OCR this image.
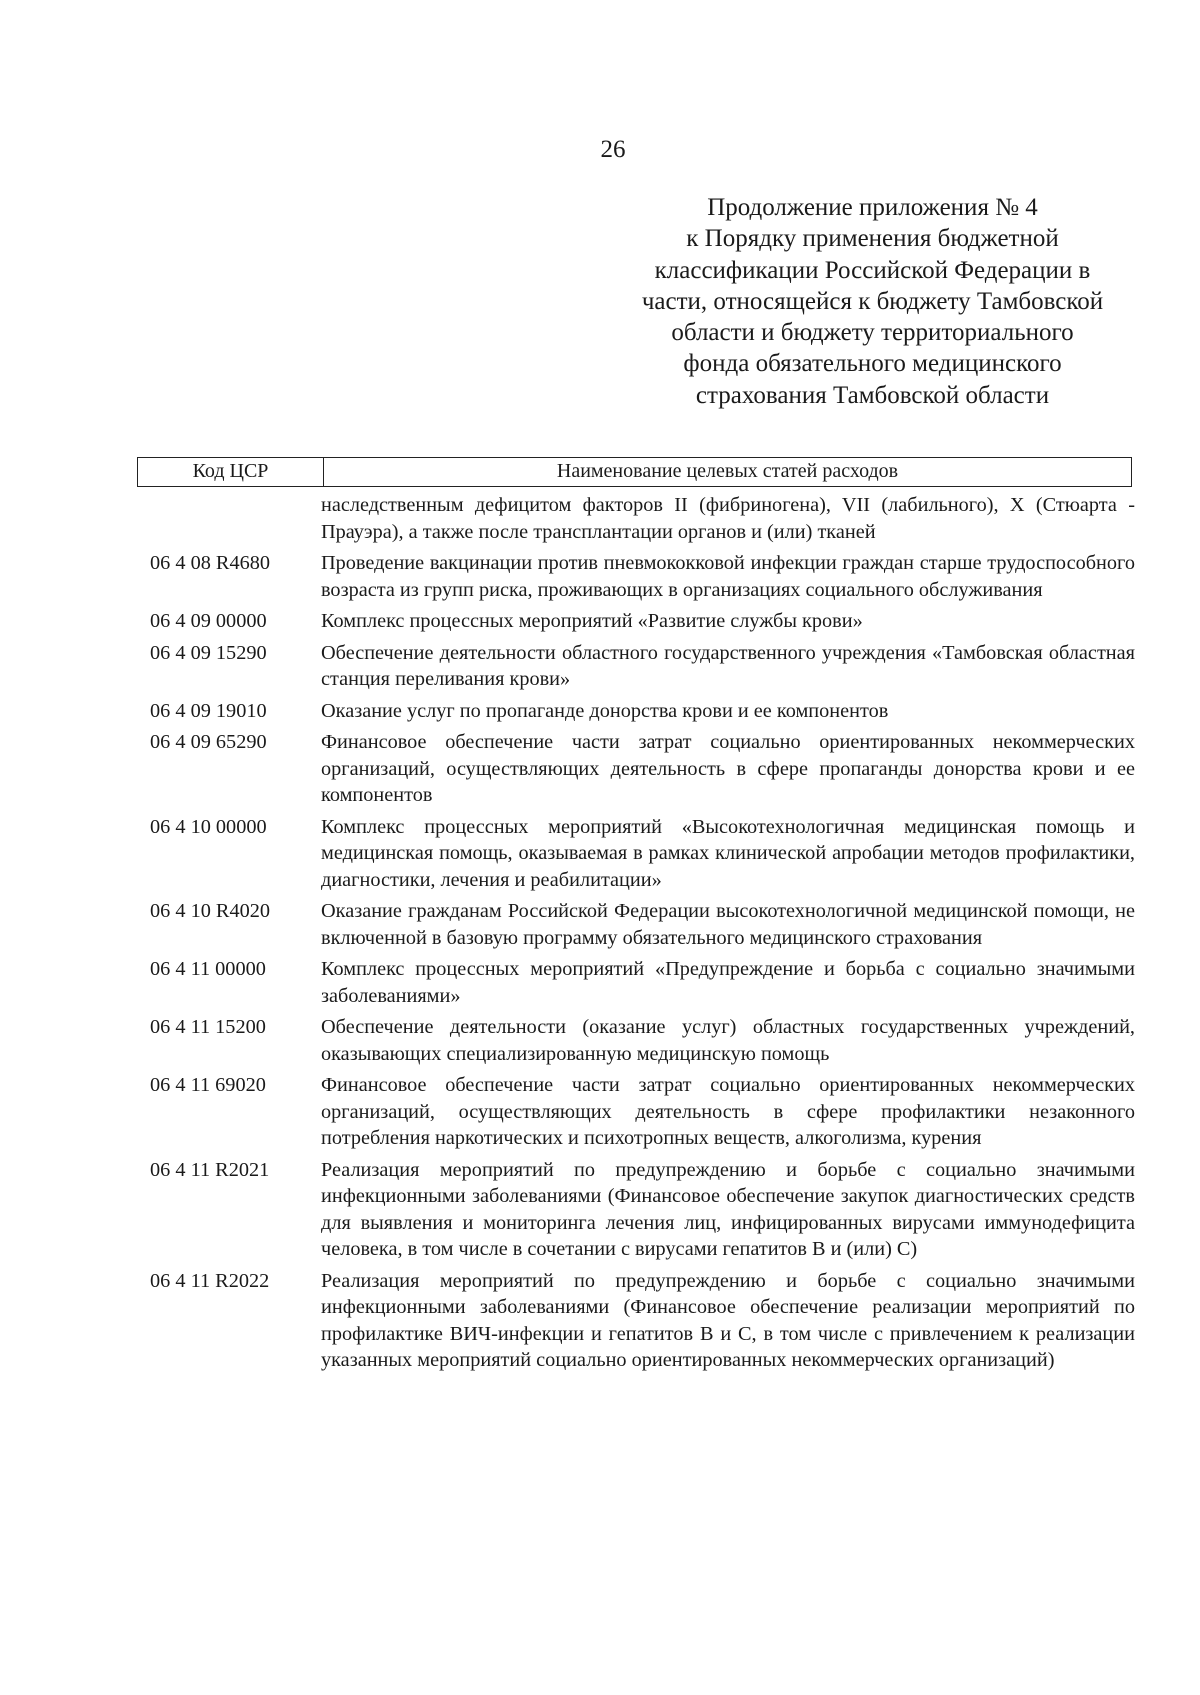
26
Продолжение приложения № 4
к Порядку применения бюджетной
классификации Российской Федерации в
части, относящейся к бюджету Тамбовской
области и бюджету территориального
фонда обязательного медицинского
страхования Тамбовской области
Код ЦСР	Наименование целевых статей расходов
наследственным дефицитом факторов II (фибриногена), VII (лабильного), X (Стюарта - Прауэра), а также после трансплантации органов и (или) тканей
06 4 08 R4680	Проведение вакцинации против пневмококковой инфекции граждан старше трудоспособного возраста из групп риска, проживающих в организациях социального обслуживания
06 4 09 00000	Комплекс процессных мероприятий «Развитие службы крови»
06 4 09 15290	Обеспечение деятельности областного государственного учреждения «Тамбовская областная станция переливания крови»
06 4 09 19010	Оказание услуг по пропаганде донорства крови и ее компонентов
06 4 09 65290	Финансовое обеспечение части затрат социально ориентированных некоммерческих организаций, осуществляющих деятельность в сфере пропаганды донорства крови и ее компонентов
06 4 10 00000	Комплекс процессных мероприятий «Высокотехнологичная медицинская помощь и медицинская помощь, оказываемая в рамках клинической апробации методов профилактики, диагностики, лечения и реабилитации»
06 4 10 R4020	Оказание гражданам Российской Федерации высокотехнологичной медицинской помощи, не включенной в базовую программу обязательного медицинского страхования
06 4 11 00000	Комплекс процессных мероприятий «Предупреждение и борьба с социально значимыми заболеваниями»
06 4 11 15200	Обеспечение деятельности (оказание услуг) областных государственных учреждений, оказывающих специализированную медицинскую помощь
06 4 11 69020	Финансовое обеспечение части затрат социально ориентированных некоммерческих организаций, осуществляющих деятельность в сфере профилактики незаконного потребления наркотических и психотропных веществ, алкоголизма, курения
06 4 11 R2021	Реализация мероприятий по предупреждению и борьбе с социально значимыми инфекционными заболеваниями (Финансовое обеспечение закупок диагностических средств для выявления и мониторинга лечения лиц, инфицированных вирусами иммунодефицита человека, в том числе в сочетании с вирусами гепатитов B и (или) C)
06 4 11 R2022	Реализация мероприятий по предупреждению и борьбе с социально значимыми инфекционными заболеваниями (Финансовое обеспечение реализации мероприятий по профилактике ВИЧ-инфекции и гепатитов B и C, в том числе с привлечением к реализации указанных мероприятий социально ориентированных некоммерческих организаций)
